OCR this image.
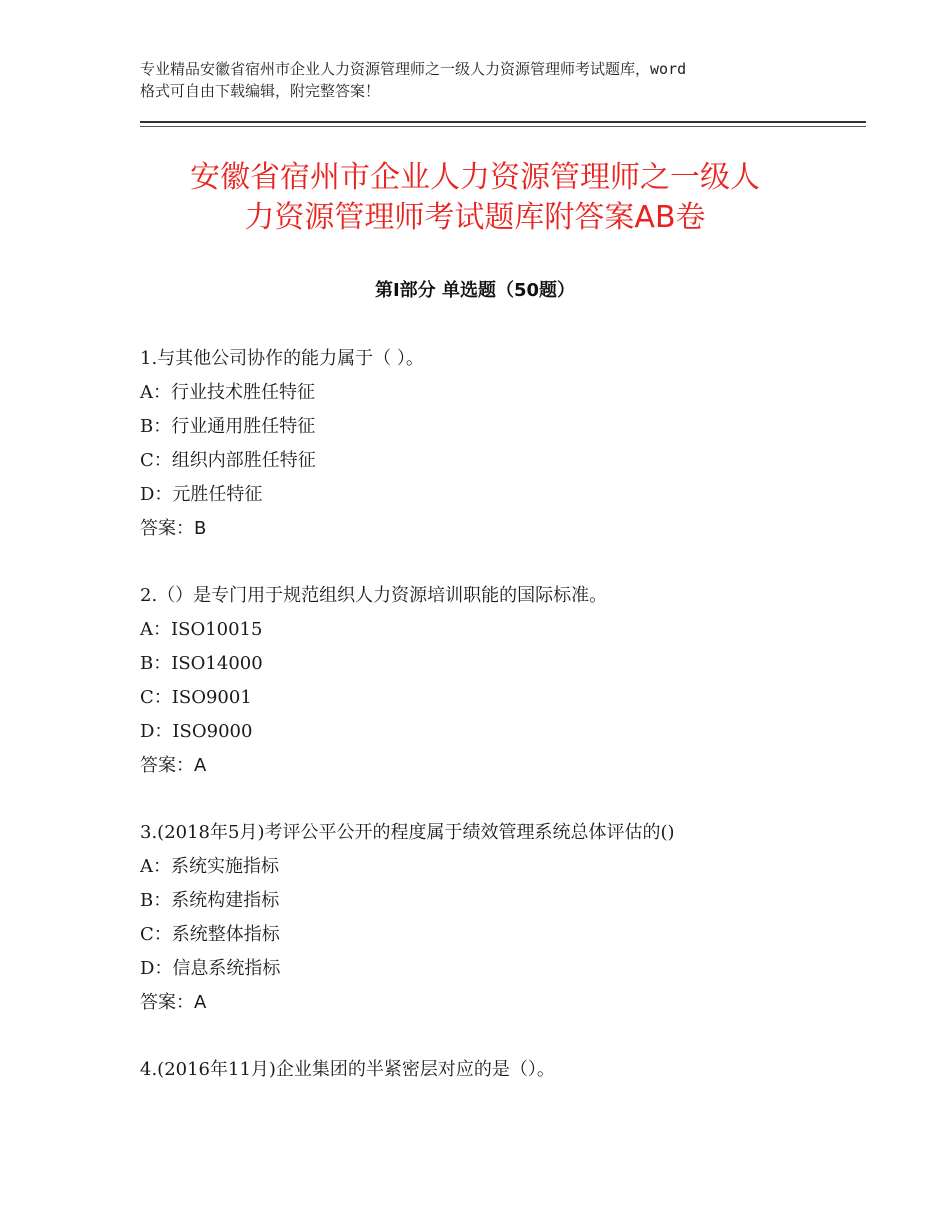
专业精品安徽省宿州市企业人力资源管理师之一级人力资源管理师考试题库，word
格式可自由下载编辑，附完整答案！
安徽省宿州市企业人力资源管理师之一级人
力资源管理师考试题库附答案AB卷
第Ⅰ部分 单选题（50题）
1.与其他公司协作的能力属于（ ）。
A：行业技术胜任特征
B：行业通用胜任特征
C：组织内部胜任特征
D：元胜任特征
答案：B
2.（）是专门用于规范组织人力资源培训职能的国际标准。
A：ISO10015
B：ISO14000
C：ISO9001
D：ISO9000
答案：A
3.(2018年5月)考评公平公开的程度属于绩效管理系统总体评估的()
A：系统实施指标
B：系统构建指标
C：系统整体指标
D：信息系统指标
答案：A
4.(2016年11月)企业集团的半紧密层对应的是（）。
